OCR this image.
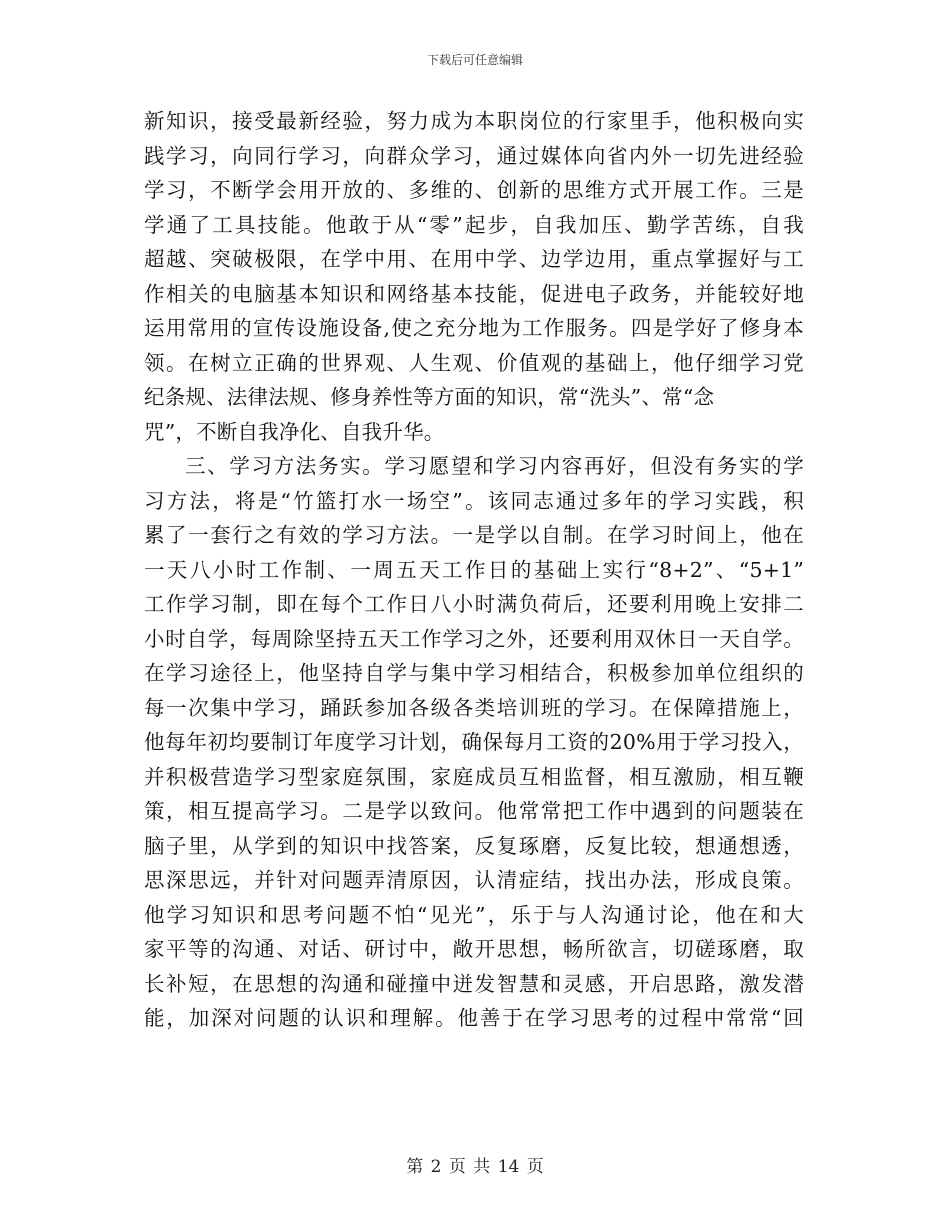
下载后可任意编辑
新知识，接受最新经验，努力成为本职岗位的行家里手，他积极向实
践学习，向同行学习，向群众学习，通过媒体向省内外一切先进经验
学习，不断学会用开放的、多维的、创新的思维方式开展工作。三是
学通了工具技能。他敢于从“零”起步，自我加压、勤学苦练，自我
超越、突破极限，在学中用、在用中学、边学边用，重点掌握好与工
作相关的电脑基本知识和网络基本技能，促进电子政务，并能较好地
运用常用的宣传设施设备,使之充分地为工作服务。四是学好了修身本
领。在树立正确的世界观、人生观、价值观的基础上，他仔细学习党
纪条规、法律法规、修身养性等方面的知识，常“洗头”、常“念
咒”，不断自我净化、自我升华。
三、学习方法务实。学习愿望和学习内容再好，但没有务实的学
习方法，将是“竹篮打水一场空”。该同志通过多年的学习实践，积
累了一套行之有效的学习方法。一是学以自制。在学习时间上，他在
一天八小时工作制、一周五天工作日的基础上实行“8+2”、“5+1”
工作学习制，即在每个工作日八小时满负荷后，还要利用晚上安排二
小时自学，每周除坚持五天工作学习之外，还要利用双休日一天自学。
在学习途径上，他坚持自学与集中学习相结合，积极参加单位组织的
每一次集中学习，踊跃参加各级各类培训班的学习。在保障措施上，
他每年初均要制订年度学习计划，确保每月工资的20%用于学习投入，
并积极营造学习型家庭氛围，家庭成员互相监督，相互激励，相互鞭
策，相互提高学习。二是学以致问。他常常把工作中遇到的问题装在
脑子里，从学到的知识中找答案，反复琢磨，反复比较，想通想透，
思深思远，并针对问题弄清原因，认清症结，找出办法，形成良策。
他学习知识和思考问题不怕“见光”，乐于与人沟通讨论，他在和大
家平等的沟通、对话、研讨中，敞开思想，畅所欲言，切磋琢磨，取
长补短，在思想的沟通和碰撞中迸发智慧和灵感，开启思路，激发潜
能，加深对问题的认识和理解。他善于在学习思考的过程中常常“回
第 2 页 共 14 页
